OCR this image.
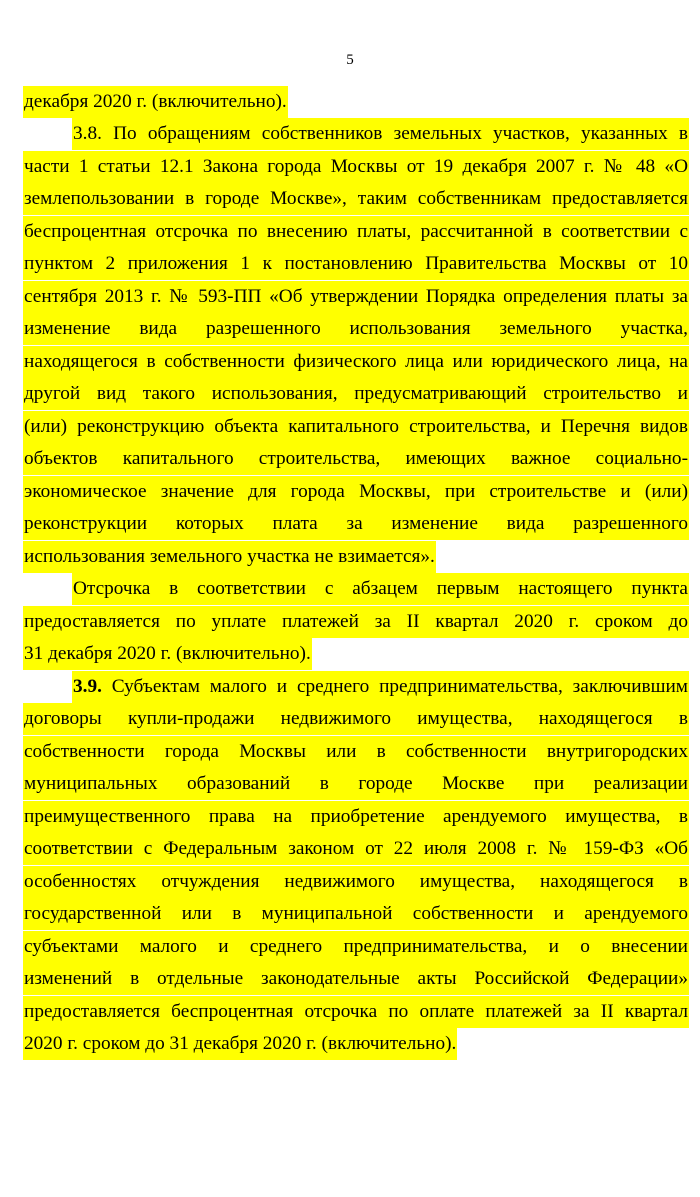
5
декабря 2020 г. (включительно).
3.8. По обращениям собственников земельных участков, указанных в
части 1 статьи 12.1 Закона города Москвы от 19 декабря 2007 г. № 48 «О
землепользовании в городе Москве», таким собственникам предоставляется
беспроцентная отсрочка по внесению платы, рассчитанной в соответствии с
пунктом 2 приложения 1 к постановлению Правительства Москвы от 10
сентября 2013 г. № 593-ПП «Об утверждении Порядка определения платы за
изменение вида разрешенного использования земельного участка,
находящегося в собственности физического лица или юридического лица, на
другой вид такого использования, предусматривающий строительство и
(или) реконструкцию объекта капитального строительства, и Перечня видов
объектов капитального строительства, имеющих важное социально-
экономическое значение для города Москвы, при строительстве и (или)
реконструкции которых плата за изменение вида разрешенного
использования земельного участка не взимается».
Отсрочка в соответствии с абзацем первым настоящего пункта
предоставляется по уплате платежей за II квартал 2020 г. сроком до
31 декабря 2020 г. (включительно).
3.9. Субъектам малого и среднего предпринимательства, заключившим
договоры купли-продажи недвижимого имущества, находящегося в
собственности города Москвы или в собственности внутригородских
муниципальных образований в городе Москве при реализации
преимущественного права на приобретение арендуемого имущества, в
соответствии с Федеральным законом от 22 июля 2008 г. № 159-ФЗ «Об
особенностях отчуждения недвижимого имущества, находящегося в
государственной или в муниципальной собственности и арендуемого
субъектами малого и среднего предпринимательства, и о внесении
изменений в отдельные законодательные акты Российской Федерации»
предоставляется беспроцентная отсрочка по оплате платежей за II квартал
2020 г. сроком до 31 декабря 2020 г. (включительно).
